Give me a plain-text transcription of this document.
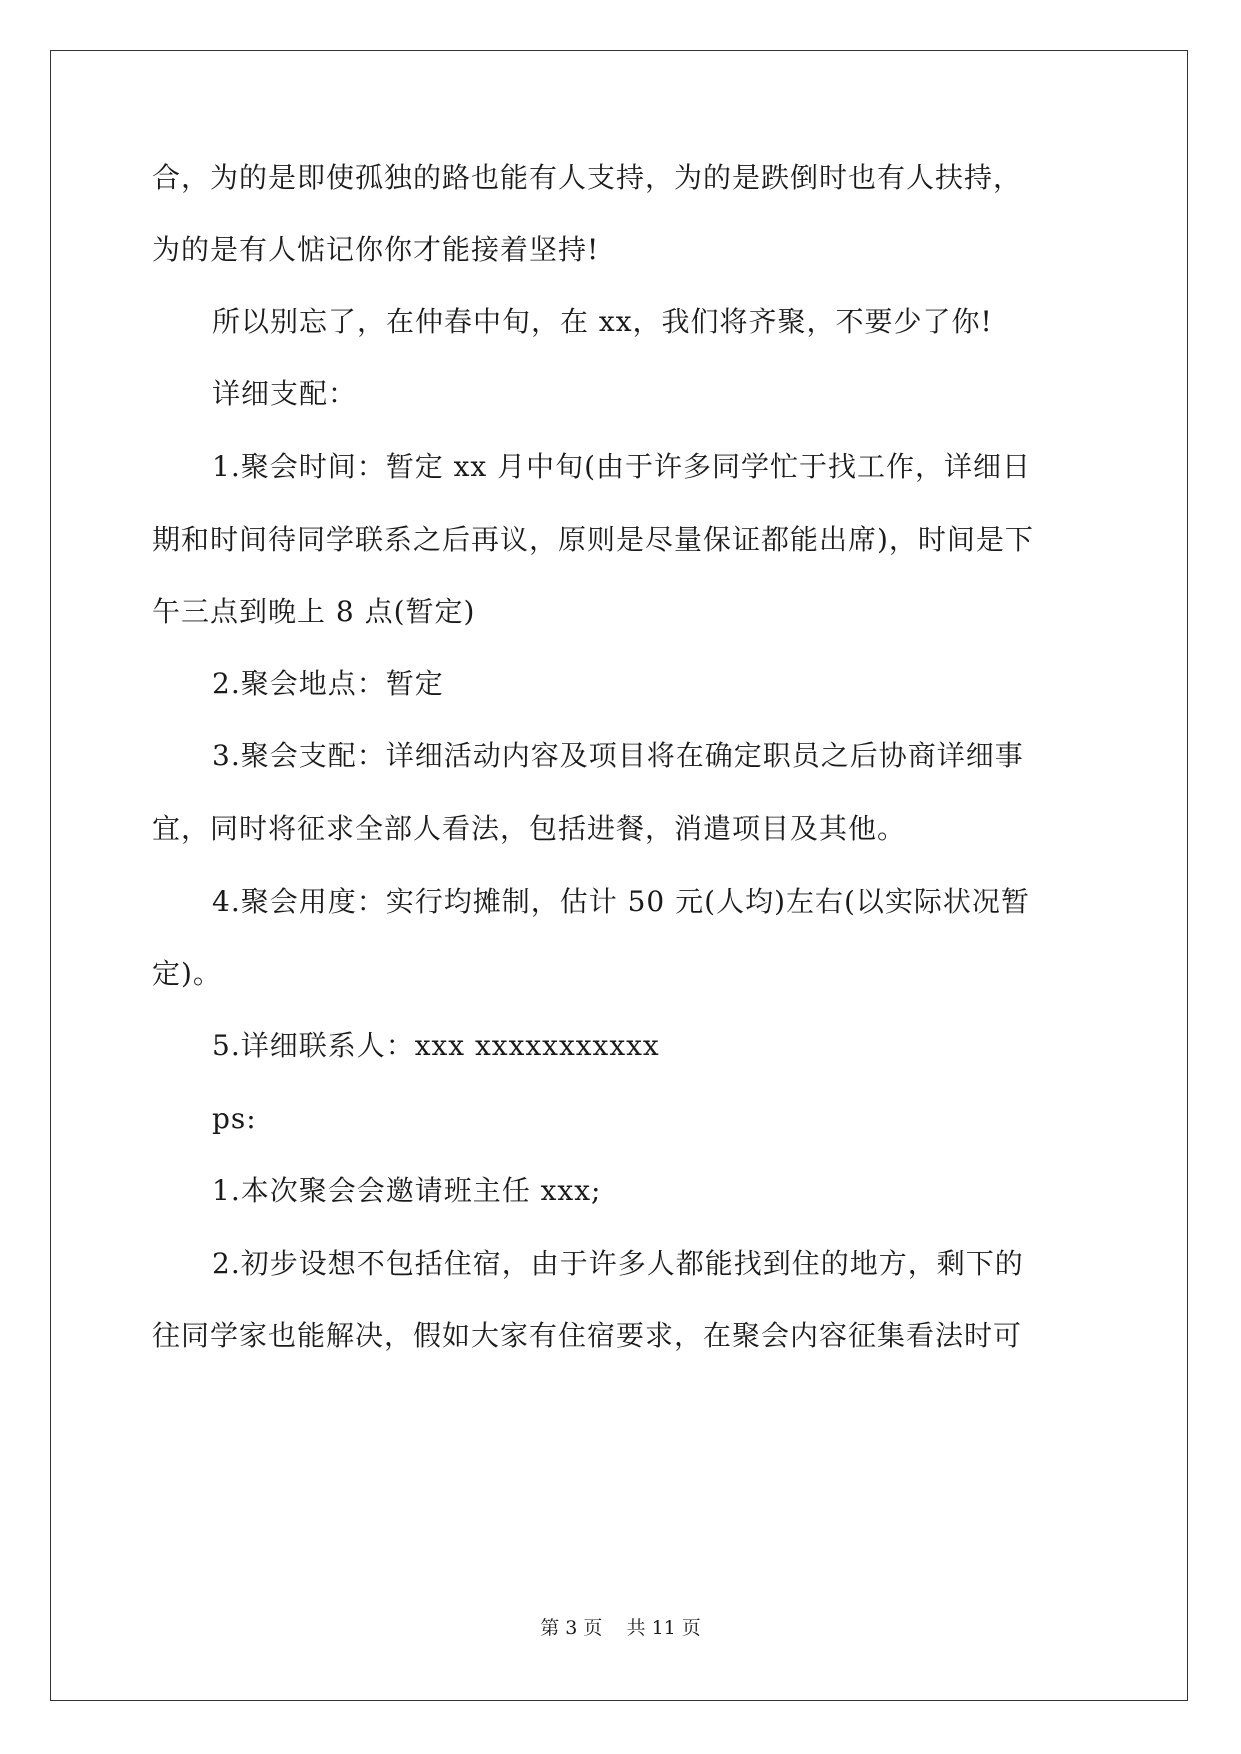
合，为的是即使孤独的路也能有人支持，为的是跌倒时也有人扶持，
为的是有人惦记你你才能接着坚持!
所以别忘了，在仲春中旬，在 xx，我们将齐聚，不要少了你!
详细支配：
1.聚会时间：暂定 xx 月中旬(由于许多同学忙于找工作，详细日
期和时间待同学联系之后再议，原则是尽量保证都能出席)，时间是下
午三点到晚上 8 点(暂定)
2.聚会地点：暂定
3.聚会支配：详细活动内容及项目将在确定职员之后协商详细事
宜，同时将征求全部人看法，包括进餐，消遣项目及其他。
4.聚会用度：实行均摊制，估计 50 元(人均)左右(以实际状况暂
定)。
5.详细联系人：xxx xxxxxxxxxxx
ps:
1.本次聚会会邀请班主任 xxx;
2.初步设想不包括住宿，由于许多人都能找到住的地方，剩下的
往同学家也能解决，假如大家有住宿要求，在聚会内容征集看法时可
第 3 页    共 11 页
